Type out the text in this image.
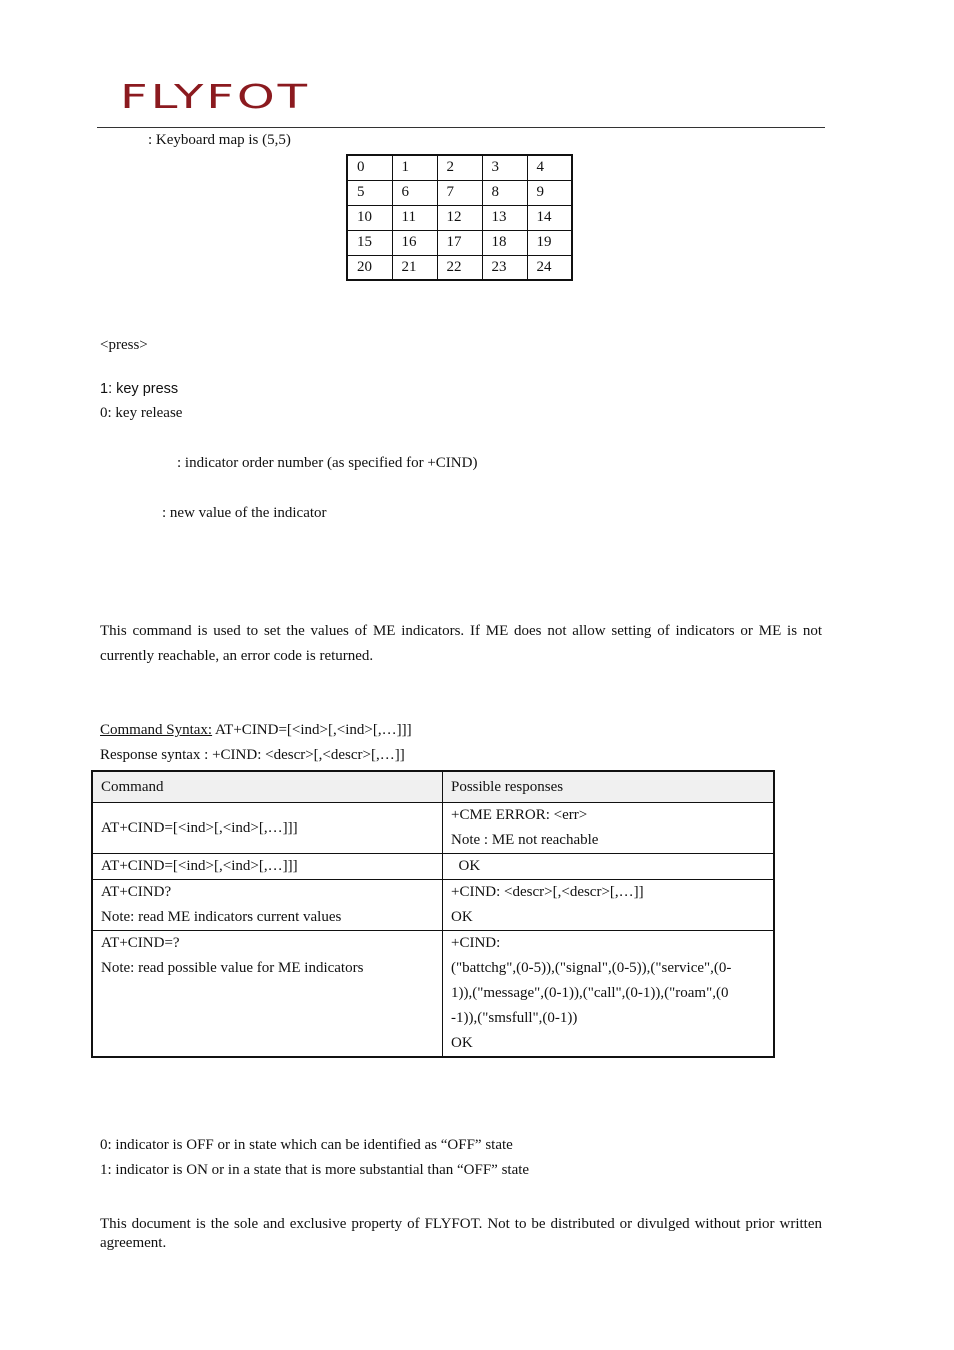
FLYFOT
: Keyboard map is (5,5)
0	1	2	3	4
5	6	7	8	9
10	11	12	13	14
15	16	17	18	19
20	21	22	23	24
<press>
1: key press
0: key release
: indicator order number (as specified for +CIND)
: new value of the indicator
This command is used to set the values of ME indicators. If ME does not allow setting of indicators or ME is not currently reachable, an error code is returned.
Command Syntax: AT+CIND=[<ind>[,<ind>[,…]]]
Response syntax : +CIND: <descr>[,<descr>[,…]]
Command	Possible responses

AT+CIND=[<ind>[,<ind>[,…]]]	+CME ERROR: <err>
Note : ME not reachable

AT+CIND=[<ind>[,<ind>[,…]]]	OK

AT+CIND?
Note: read ME indicators current values	+CIND: <descr>[,<descr>[,…]]
OK

AT+CIND=?
Note: read possible value for ME indicators	+CIND:
("battchg",(0-5)),("signal",(0-5)),("service",(0-
1)),("message",(0-1)),("call",(0-1)),("roam",(0
-1)),("smsfull",(0-1))
OK
0: indicator is OFF or in state which can be identified as “OFF” state
1: indicator is ON or in a state that is more substantial than “OFF” state
This document is the sole and exclusive property of FLYFOT. Not to be distributed or divulged without prior written agreement.
